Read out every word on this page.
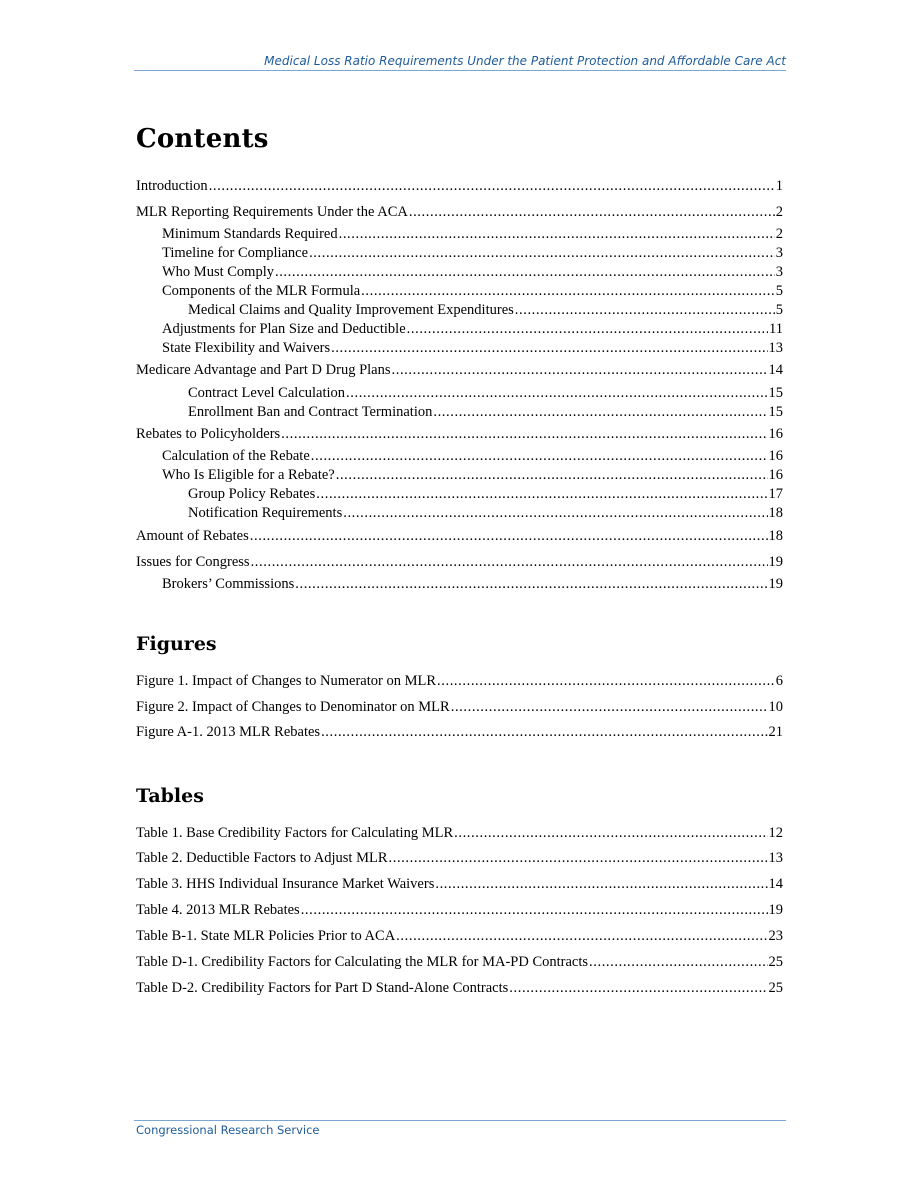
Medical Loss Ratio Requirements Under the Patient Protection and Affordable Care Act
Contents
Introduction .....	1
MLR Reporting Requirements Under the ACA .....	2
Minimum Standards Required .....	2
Timeline for Compliance .....	3
Who Must Comply .....	3
Components of the MLR Formula .....	5
Medical Claims and Quality Improvement Expenditures .....	5
Adjustments for Plan Size and Deductible .....	11
State Flexibility and Waivers .....	13
Medicare Advantage and Part D Drug Plans .....	14
Contract Level Calculation .....	15
Enrollment Ban and Contract Termination .....	15
Rebates to Policyholders .....	16
Calculation of the Rebate .....	16
Who Is Eligible for a Rebate? .....	16
Group Policy Rebates .....	17
Notification Requirements .....	18
Amount of Rebates .....	18
Issues for Congress .....	19
Brokers’ Commissions .....	19
Figures
Figure 1. Impact of Changes to Numerator on MLR .....	6
Figure 2. Impact of Changes to Denominator on MLR .....	10
Figure A-1. 2013 MLR Rebates .....	21
Tables
Table 1. Base Credibility Factors for Calculating MLR .....	12
Table 2. Deductible Factors to Adjust MLR .....	13
Table 3. HHS Individual Insurance Market Waivers .....	14
Table 4. 2013 MLR Rebates .....	19
Table B-1. State MLR Policies Prior to ACA .....	23
Table D-1. Credibility Factors for Calculating the MLR for MA-PD Contracts .....	25
Table D-2. Credibility Factors for Part D Stand-Alone Contracts .....	25
Congressional Research Service
